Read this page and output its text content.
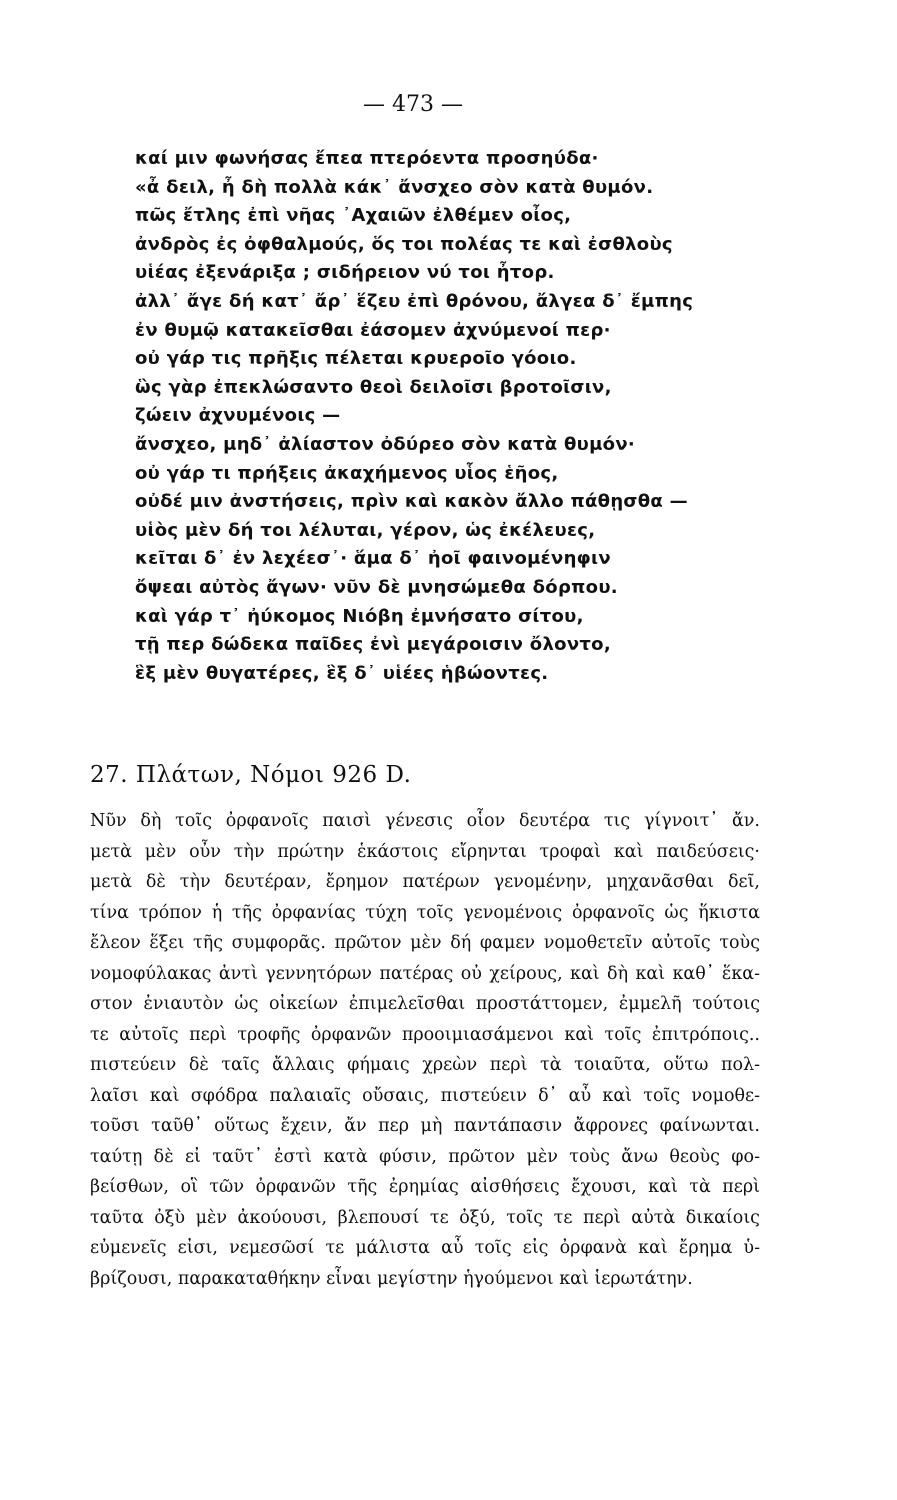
— 473 —
καί μιν φωνήσας ἔπεα πτερόεντα προσηύδα·
«ἆ δειλ, ἦ δὴ πολλὰ κάκ᾽ ἄνσχεο σὸν κατὰ θυμόν.
πῶς ἔτλης ἐπὶ νῆας ᾽Αχαιῶν ἐλθέμεν οἶος,
ἀνδρὸς ἐς ὀφθαλμούς, ὅς τοι πολέας τε καὶ ἐσθλοὺς
υἱέας ἐξενάριξα ; σιδήρειον νύ τοι ἦτορ.
ἀλλ᾽ ἄγε δή κατ᾽ ἄρ᾽ ἕζευ ἐπὶ θρόνου, ἄλγεα δ᾽ ἔμπης
ἐν θυμῷ κατακεῖσθαι ἐάσομεν ἀχνύμενοί περ·
οὐ γάρ τις πρῆξις πέλεται κρυεροῖο γόοιο.
ὣς γὰρ ἐπεκλώσαντο θεοὶ δειλοῖσι βροτοῖσιν,
ζώειν ἀχνυμένοις —
ἄνσχεο, μηδ᾽ ἀλίαστον ὀδύρεο σὸν κατὰ θυμόν·
οὐ γάρ τι πρήξεις ἀκαχήμενος υἷος ἑῆος,
οὐδέ μιν ἀνστήσεις, πρὶν καὶ κακὸν ἄλλο πάθῃσθα —
υἱὸς μὲν δή τοι λέλυται, γέρον, ὡς ἐκέλευες,
κεῖται δ᾽ ἐν λεχέεσ᾽· ἅμα δ᾽ ἠοῖ φαινομένηφιν
ὄψεαι αὐτὸς ἄγων· νῦν δὲ μνησώμεθα δόρπου.
καὶ γάρ τ᾽ ἠύκομος Νιόβη ἐμνήσατο σίτου,
τῇ περ δώδεκα παῖδες ἐνὶ μεγάροισιν ὄλοντο,
ἓξ μὲν θυγατέρες, ἓξ δ᾽ υἱέες ἡβώοντες.
27. Πλάτων, Νόμοι 926 D.
Νῦν δὴ τοῖς ὀρφανοῖς παισὶ γένεσις οἷον δευτέρα τις γίγνοιτ᾽ ἄν.
μετὰ μὲν οὖν τὴν πρώτην ἑκάστοις εἴρηνται τροφαὶ καὶ παιδεύσεις·
μετὰ δὲ τὴν δευτέραν, ἔρημον πατέρων γενομένην, μηχανᾶσθαι δεῖ,
τίνα τρόπον ἡ τῆς ὀρφανίας τύχη τοῖς γενομένοις ὀρφανοῖς ὡς ἥκιστα
ἔλεον ἕξει τῆς συμφορᾶς. πρῶτον μὲν δή φαμεν νομοθετεῖν αὐτοῖς τοὺς
νομοφύλακας ἀντὶ γεννητόρων πατέρας οὐ χείρους, καὶ δὴ καὶ καθ᾽ ἕκα-
στον ἐνιαυτὸν ὡς οἰκείων ἐπιμελεῖσθαι προστάττομεν, ἐμμελῆ τούτοις
τε αὐτοῖς περὶ τροφῆς ὀρφανῶν προοιμιασάμενοι καὶ τοῖς ἐπιτρόποις..
πιστεύειν δὲ ταῖς ἄλλαις φήμαις χρεὼν περὶ τὰ τοιαῦτα, οὕτω πολ-
λαῖσι καὶ σφόδρα παλαιαῖς οὔσαις, πιστεύειν δ᾽ αὖ καὶ τοῖς νομοθε-
τοῦσι ταῦθ᾽ οὕτως ἔχειν, ἄν περ μὴ παντάπασιν ἄφρονες φαίνωνται.
ταύτῃ δὲ εἰ ταῦτ᾽ ἐστὶ κατὰ φύσιν, πρῶτον μὲν τοὺς ἄνω θεοὺς φο-
βείσθων, οἳ τῶν ὀρφανῶν τῆς ἐρημίας αἰσθήσεις ἔχουσι, καὶ τὰ περὶ
ταῦτα ὀξὺ μὲν ἀκούουσι, βλεπουσί τε ὀξύ, τοῖς τε περὶ αὐτὰ δικαίοις
εὐμενεῖς εἰσι, νεμεσῶσί τε μάλιστα αὖ τοῖς εἰς ὀρφανὰ καὶ ἔρημα ὑ-
βρίζουσι, παρακαταθήκην εἶναι μεγίστην ἡγούμενοι καὶ ἱερωτάτην.
